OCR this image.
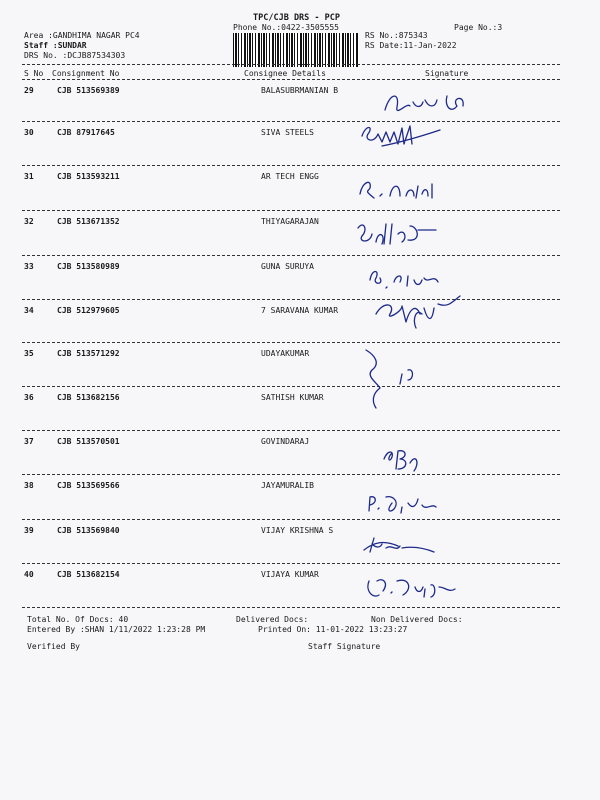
TPC/CJB DRS - PCP
Phone No.:0422-3505555	Page No.:3
Area :GANDHIMA NAGAR PC4
Staff :SUNDAR
DRS No. :DCJB87534303
RS No.:875343
RS Date:11-Jan-2022
S No Consignment No	Consignee Details	Signature
29	CJB 513569389	BALASUBRMANIAN B
30	CJB 87917645	SIVA STEELS
31	CJB 513593211	AR TECH ENGG
32	CJB 513671352	THIYAGARAJAN
33	CJB 513580989	GUNA SURUYA
34	CJB 512979605	7 SARAVANA KUMAR
35	CJB 513571292	UDAYAKUMAR
36	CJB 513682156	SATHISH KUMAR
37	CJB 513570501	GOVINDARAJ
38	CJB 513569566	JAYAMURALIB
39	CJB 513569840	VIJAY KRISHNA S
40	CJB 513682154	VIJAYA KUMAR
Total No. Of Docs: 40	Delivered Docs:	Non Delivered Docs:
Entered By :SHAN 1/11/2022 1:23:28 PM	Printed On: 11-01-2022 13:23:27
Verified By	Staff Signature
